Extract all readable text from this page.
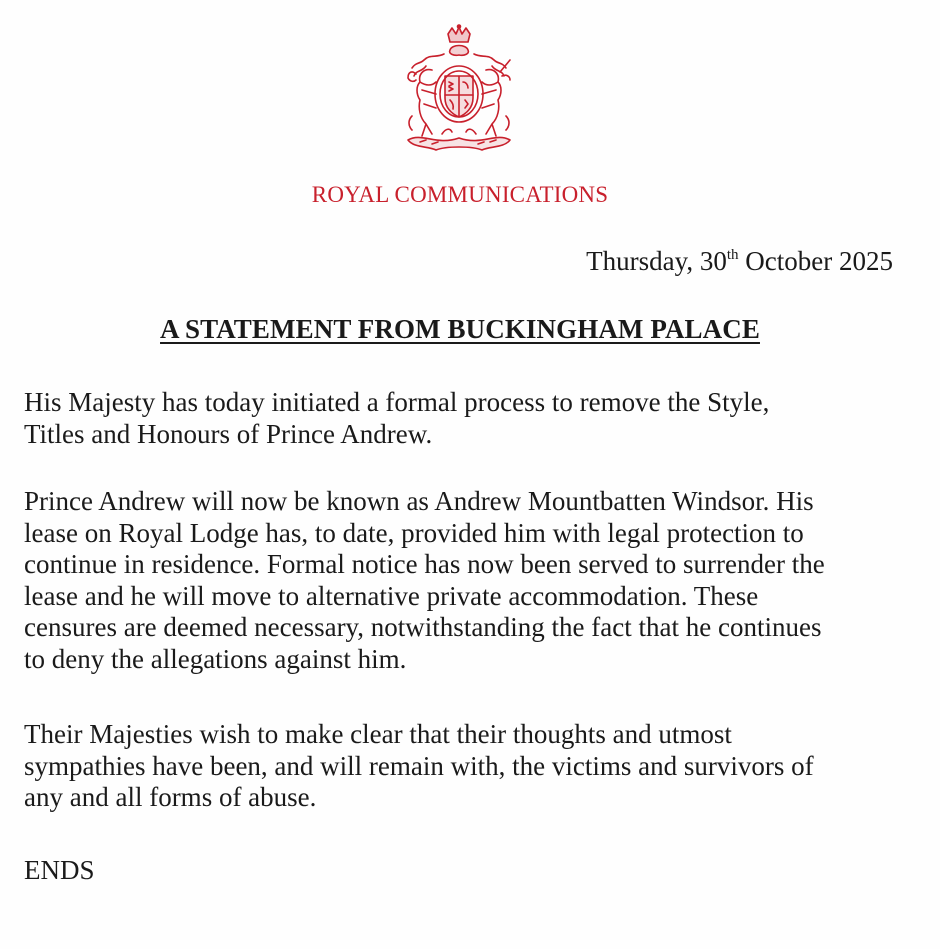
ROYAL COMMUNICATIONS
Thursday, 30th October 2025
A STATEMENT FROM BUCKINGHAM PALACE
His Majesty has today initiated a formal process to remove the Style,
Titles and Honours of Prince Andrew.
Prince Andrew will now be known as Andrew Mountbatten Windsor. His
lease on Royal Lodge has, to date, provided him with legal protection to
continue in residence. Formal notice has now been served to surrender the
lease and he will move to alternative private accommodation. These
censures are deemed necessary, notwithstanding the fact that he continues
to deny the allegations against him.
Their Majesties wish to make clear that their thoughts and utmost
sympathies have been, and will remain with, the victims and survivors of
any and all forms of abuse.
ENDS
